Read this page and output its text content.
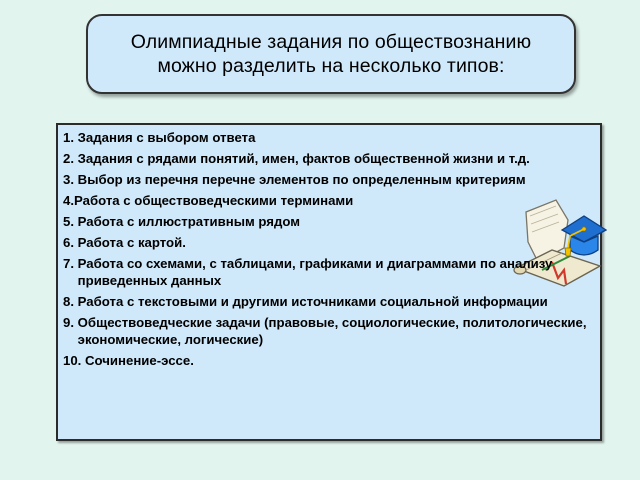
Олимпиадные задания по обществознанию
можно разделить на несколько типов:
1. Задания с выбором ответа
2. Задания с рядами понятий, имен, фактов общественной жизни и т.д.
3. Выбор из перечня перечне элементов по определенным критериям
4. Работа с обществоведческими терминами
5. Работа с иллюстративным рядом
6. Работа с картой.
7. Работа со схемами, с таблицами, графиками и диаграммами по анализу приведенных данных
8. Работа с текстовыми и другими источниками социальной информации
9. Обществоведческие задачи (правовые, социологические, политологические, экономические, логические)
10. Сочинение-эссе.
